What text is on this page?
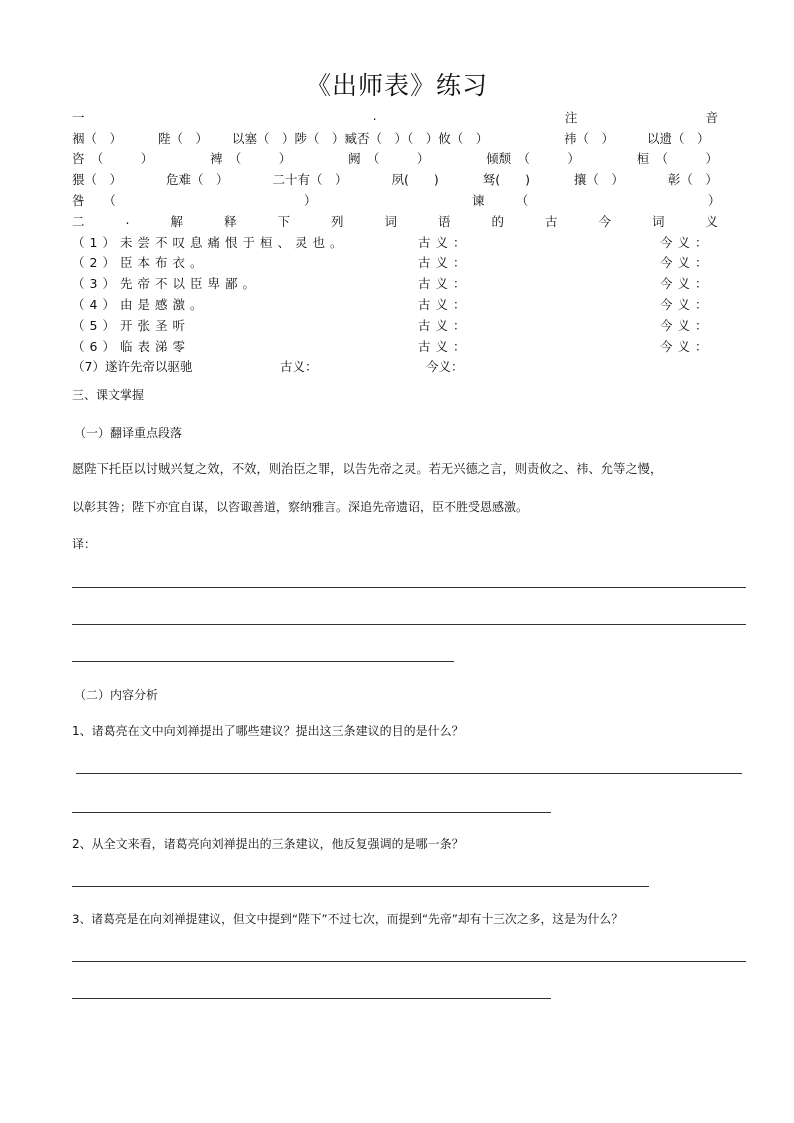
《出师表》练习
一	.	注	音
裀（　）	陛（　） 以塞（　）陟（　）臧否（　）（　）攸（　）	祎（　）	以遗（　）
咨　（　　　）	裨　（　　　）	阙　（　　　）	倾颓　（　　　）	桓　（　　　）
猥（　）	危难（　）	二十有（　）	夙(　　)	驽(　　)	攘（　）	彰（　）
咎　　（	）	谏　　　（	）
二	.	解	释	下	列	词	语	的	古	今	词	义
（1）未尝不叹息痛恨于桓、灵也。	古义：	今义：
（2）臣本布衣。	古义：	今义：
（3）先帝不以臣卑鄙。	古义：	今义：
（4）由是感激。	古义：	今义：
（5）开张圣听	古义：	今义：
（6）临表涕零	古义：	今义：
（7）遂许先帝以驱驰	古义：	今义：
三、课文掌握
（一）翻译重点段落
愿陛下托臣以讨贼兴复之效，不效，则治臣之罪，以告先帝之灵。若无兴德之言，则责攸之、祎、允等之慢，
以彰其咎；陛下亦宜自谋，以咨诹善道，察纳雅言。深追先帝遗诏，臣不胜受恩感激。
译：
（二）内容分析
1、诸葛亮在文中向刘禅提出了哪些建议？提出这三条建议的目的是什么？
2、从全文来看，诸葛亮向刘禅提出的三条建议，他反复强调的是哪一条？
3、诸葛亮是在向刘禅提建议，但文中提到“陛下”不过七次，而提到“先帝”却有十三次之多，这是为什么？
